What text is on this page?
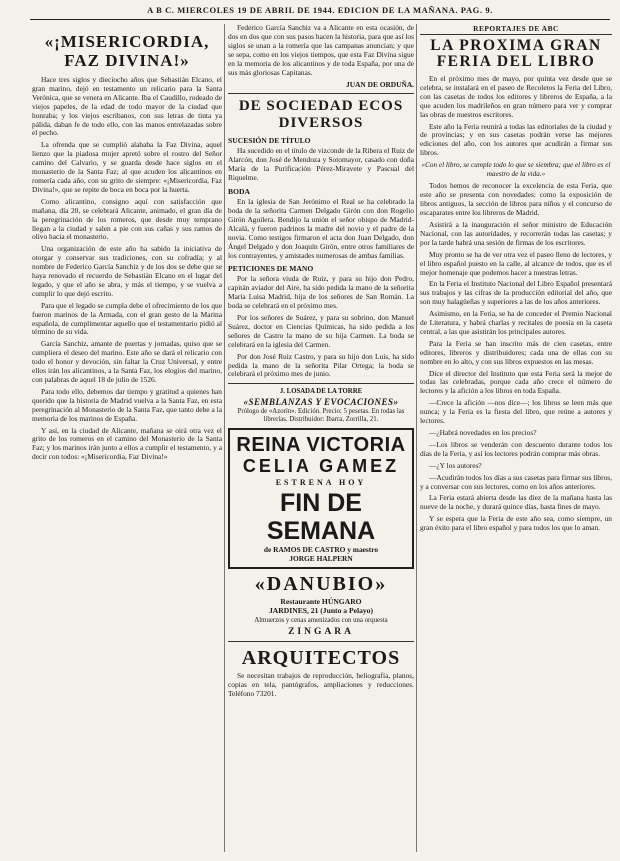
A B C. MIERCOLES 19 DE ABRIL DE 1944. EDICION DE LA MAÑANA. PAG. 9.
«¡MISERICORDIA, FAZ DIVINA!»

Hace tres siglos y dieciocho años que Sebastián Elcano, el gran marino, dejó en testamento un relicario para la Santa Verónica, que se venera en Alicante. Iba el Caudillo, rodeado de viejos papeles, de la edad de todo mayor de la ciudad que honraba; y los viejos escribanos, con sus letras de tinta ya pálida, daban fe de todo ello, con las manos entrelazadas sobre el pecho.

La ofrenda que se cumplió alababa la Faz Divina, aquel lienzo que la piadosa mujer apretó sobre el rostro del Señor camino del Calvario, y se guarda desde hace siglos en el monasterio de la Santa Faz; al que acuden los alicantinos en romería cada año, con su grito de siempre: «¡Misericordia, Faz Divina!», que se repite de boca en boca por la huerta.

Como alicantino, consigno aquí con satisfacción que mañana, día 20, se celebrará Alicante, animado, el gran día de la peregrinación de los romeros, que desde muy temprano llegan a la ciudad y salen a pie con sus cañas y sus ramos de olivo hacia el monasterio.

Una organización de este año ha sabido la iniciativa de otorgar y conservar sus tradiciones, con su cofradía; y al nombre de Federico García Sanchiz y de los dos se debe que se haya renovado el recuerdo de Sebastián Elcano en el lugar del legado, y que el año se abra, y más el tiempo, y se vuelva a cumplir lo que dejó escrito.

Para que el legado se cumpla debe el ofrecimiento de los que fueron marinos de la Armada, con el gran gesto de la Marina española, de cumplimentar aquello que el testamentario pidió al término de su vida.

García Sanchiz, amante de puertas y jornadas, quiso que se cumpliera el deseo del marino. Este año se dará el relicario con todo el honor y devoción, sin faltar la Cruz Universal, y entre ellos irán los alicantinos, a la Santa Faz, los elogios del marino, con palabras de aquel 18 de julio de 1526.

Para todo ello, debemos dar tiempo y gratitud a quienes han querido que la historia de Madrid vuelva a la Santa Faz, en esta peregrinación al Monasterio de la Santa Faz, que tanto debe a la memoria de los marinos de España.

Y así, en la ciudad de Alicante, mañana se oirá otra vez el grito de los romeros en el camino del Monasterio de la Santa Faz; y los marinos irán junto a ellos a cumplir el testamento, y a decir con todos: «¡Misericordia, Faz Divina!»

Federico García Sanchiz va a Alicante en esta ocasión, de dos en dos que con sus pasos hacen la historia, para que así los siglos se unan a la romería que las campanas anuncian; y que se sepa, como en los viejos tiempos, que esta Faz Divina sigue en la memoria de los alicantinos y de toda España, por una de sus más gloriosas Capitanas.

JUAN DE ORDUÑA.
DE SOCIEDAD ECOS DIVERSOS
SUCESIÓN DE TÍTULO

Ha sucedido en el título de vizconde de la Ribera el Ruiz de Alarcón, don José de Mendoza y Sotomayor, casado con doña María de la Purificación Pérez-Miravete y Pascual del Riquelme.

BODA

En la iglesia de San Jerónimo el Real se ha celebrado la boda de la señorita Carmen Delgado Girón con don Rogelio Girón Aguilera. Bendijo la unión el señor obispo de Madrid-Alcalá, y fueron padrinos la madre del novio y el padre de la novia. Como testigos firmaron el acta don Juan Delgado, don Ángel Delgado y don Joaquín Girón, entre otros familiares de los contrayentes, y amistades numerosas de ambas familias.

PETICIONES DE MANO

Por la señora viuda de Ruiz, y para su hijo don Pedro, capitán aviador del Aire, ha sido pedida la mano de la señorita María Luisa Madrid, hija de los señores de San Román. La boda se celebrará en el próximo mes.

Por los señores de Suárez, y para su sobrino, don Manuel Suárez, doctor en Ciencias Químicas, ha sido pedida a los señores de Castro la mano de su hija Carmen. La boda se celebrará en la iglesia del Carmen.

Por don José Ruiz Castro, y para su hijo don Luis, ha sido pedida la mano de la señorita Pilar Ortega; la boda se celebrará el próximo mes de junio.

J. LOSADA DE LA TORRE
«SEMBLANZAS Y EVOCACIONES»
Prólogo de «Azorín». Edición. Precio: 5 pesetas. En todas las librerías. Distribuidor: Ibarra, Zorrilla, 21.
REINA VICTORIA
CELIA GAMEZ
ESTRENA HOY
FIN DE SEMANA
de RAMOS DE CASTRO y maestro
JORGE HALPERN
«DANUBIO»
Restaurante HÚNGARO
JARDINES, 21 (Junto a Pelayo)
Almuerzos y cenas amenizados con una orquesta
ZINGARA
ARQUITECTOS

Se necesitan trabajos de reproducción, heliografía, planos, copias en tela, pantógrafos, ampliaciones y reducciones. Teléfono 73201.

REPORTAJES DE ABC
LA PROXIMA GRAN FERIA DEL LIBRO

En el próximo mes de mayo, por quinta vez desde que se celebra, se instalará en el paseo de Recoletos la Feria del Libro, con las casetas de todos los editores y libreros de España, a la que acuden los madrileños en gran número para ver y comprar las obras de nuestros escritores.

Este año la Feria reunirá a todas las editoriales de la ciudad y de provincias; y en sus casetas podrán verse las mejores ediciones del año, con los autores que acudirán a firmar sus libros.

«Con el libro, se cumple todo lo que se siembra; que el libro es el maestro de la vida.»

Todos hemos de reconocer la excelencia de esta Feria, que este año se presenta con novedades: como la exposición de libros antiguos, la sección de libros para niños y el concurso de escaparates entre los libreros de Madrid.

Asistirá a la inauguración el señor ministro de Educación Nacional, con las autoridades, y recorrerán todas las casetas; y por la tarde habrá una sesión de firmas de los escritores.

Muy pronto se ha de ver otra vez el paseo lleno de lectores, y el libro español puesto en la calle, al alcance de todos, que es el mejor homenaje que podemos hacer a nuestras letras.

En la Feria el Instituto Nacional del Libro Español presentará sus trabajos y las cifras de la producción editorial del año, que son muy halagüeñas y superiores a las de los años anteriores.

Asimismo, en la Feria, se ha de conceder el Premio Nacional de Literatura, y habrá charlas y recitales de poesía en la caseta central, a las que asistirán los principales autores.

Para la Feria se han inscrito más de cien casetas, entre editores, libreros y distribuidores; cada una de ellas con su nombre en lo alto, y con sus libros expuestos en las mesas.

Dice el director del Instituto que esta Feria será la mejor de todas las celebradas, porque cada año crece el número de lectores y la afición a los libros en toda España.

—Crece la afición —nos dice—; los libros se leen más que nunca; y la Feria es la fiesta del libro, que reúne a autores y lectores.

—¿Habrá novedades en los precios?

—Los libros se venderán con descuento durante todos los días de la Feria, y así los lectores podrán comprar más obras.

—¿Y los autores?

—Acudirán todos los días a sus casetas para firmar sus libros, y a conversar con sus lectores, como en los años anteriores.

La Feria estará abierta desde las diez de la mañana hasta las nueve de la noche, y durará quince días, hasta fines de mayo.

Y se espera que la Feria de este año sea, como siempre, un gran éxito para el libro español y para todos los que lo aman.
